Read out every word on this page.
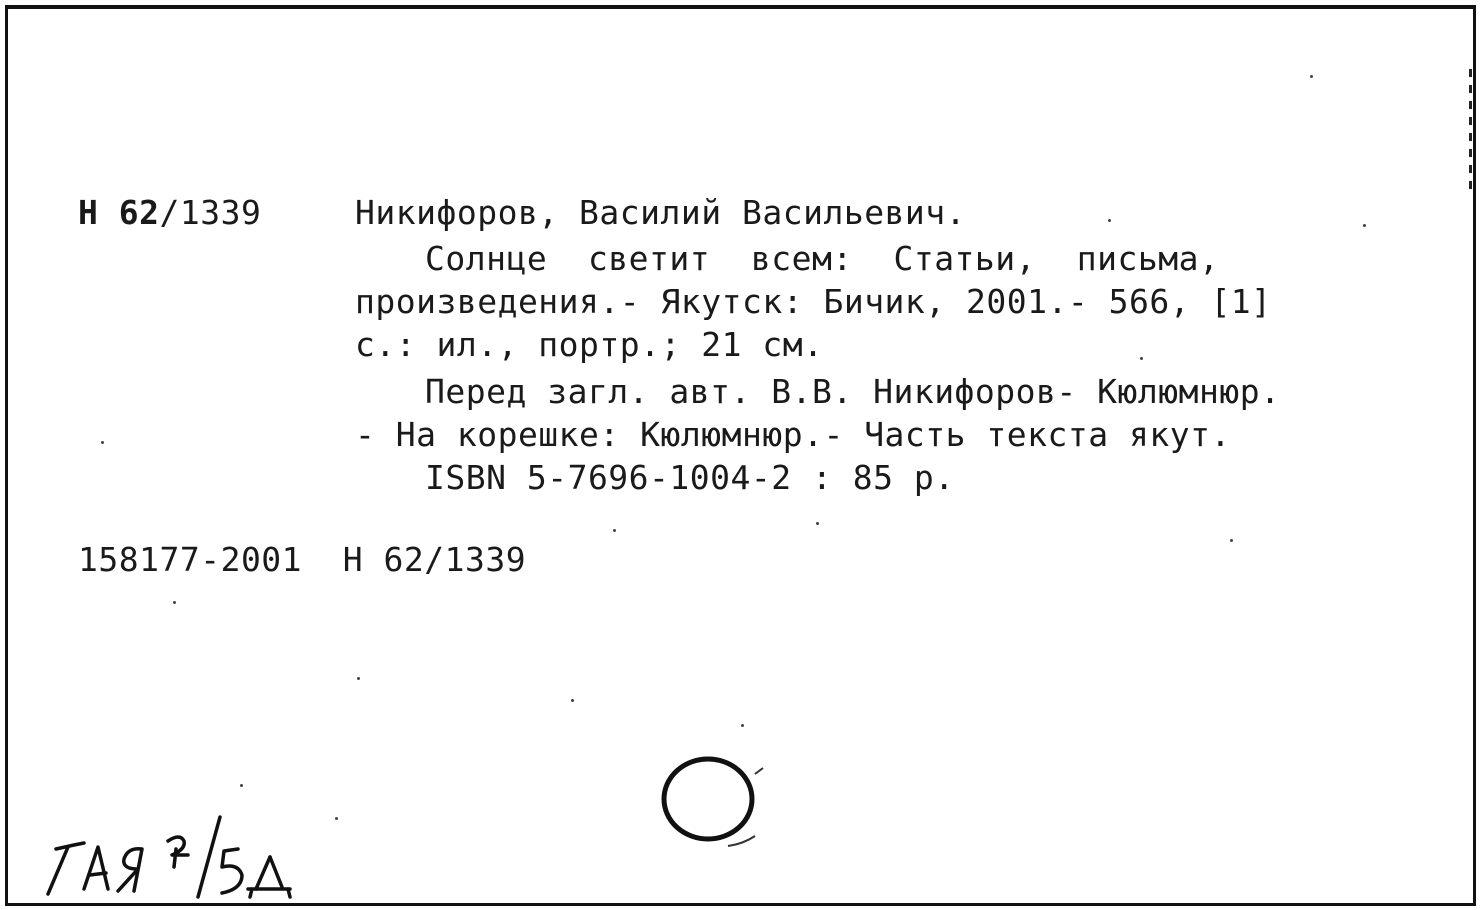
Н 62/1339	Никифоров, Василий Васильевич.
Солнце  светит  всем:  Статьи,  письма,
произведения.- Якутск: Бичик, 2001.- 566, [1]
с.: ил., портр.; 21 см.
Перед загл. авт. В.В. Никифоров- Кюлюмнюр.
- На корешке: Кюлюмнюр.- Часть текста якут.
ISBN 5-7696-1004-2 : 85 р.
158177-2001  Н 62/1339
